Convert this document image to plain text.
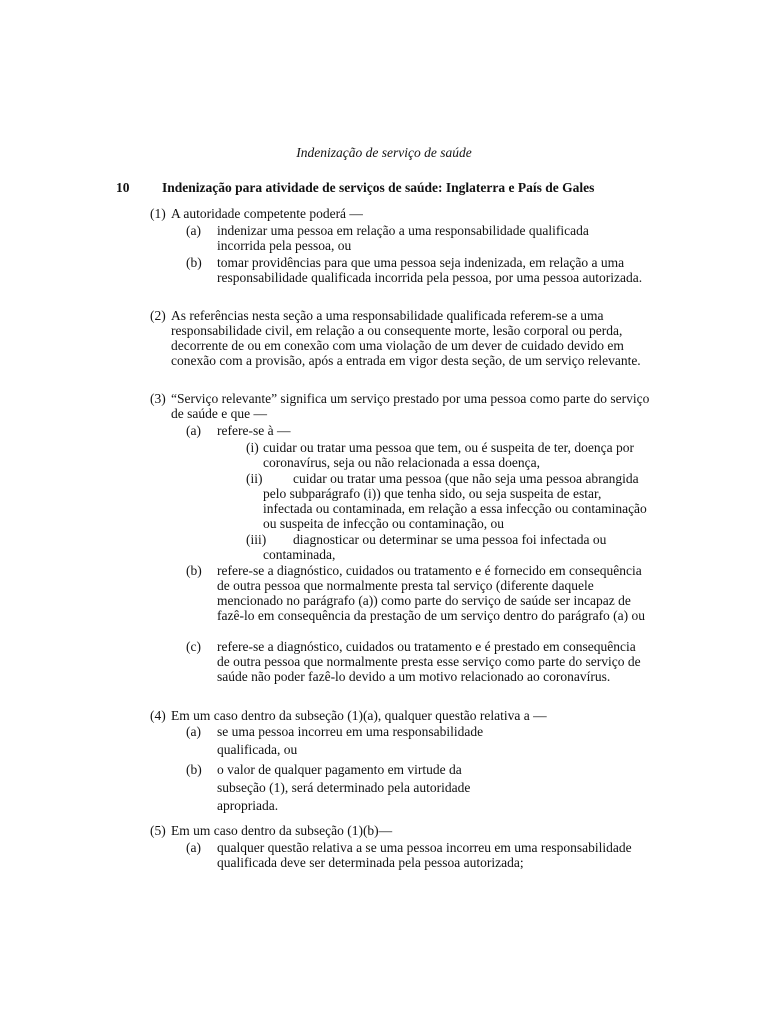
Indenização de serviço de saúde
10 Indenização para atividade de serviços de saúde: Inglaterra e País de Gales
(1) A autoridade competente poderá —
(a)	indenizar uma pessoa em relação a uma responsabilidade qualificada incorrida pela pessoa, ou
(b)	tomar providências para que uma pessoa seja indenizada, em relação a uma responsabilidade qualificada incorrida pela pessoa, por uma pessoa autorizada.
(2) As referências nesta seção a uma responsabilidade qualificada referem-se a uma responsabilidade civil, em relação a ou consequente morte, lesão corporal ou perda, decorrente de ou em conexão com uma violação de um dever de cuidado devido em conexão com a provisão, após a entrada em vigor desta seção, de um serviço relevante.
(3) “Serviço relevante” significa um serviço prestado por uma pessoa como parte do serviço de saúde e que —
(a)	refere-se à —
(i) cuidar ou tratar uma pessoa que tem, ou é suspeita de ter, doença por coronavírus, seja ou não relacionada a essa doença,
(ii)	cuidar ou tratar uma pessoa (que não seja uma pessoa abrangida pelo subparágrafo (i)) que tenha sido, ou seja suspeita de estar, infectada ou contaminada, em relação a essa infecção ou contaminação ou suspeita de infecção ou contaminação, ou
(iii)	diagnosticar ou determinar se uma pessoa foi infectada ou contaminada,
(b)	refere-se a diagnóstico, cuidados ou tratamento e é fornecido em consequência de outra pessoa que normalmente presta tal serviço (diferente daquele mencionado no parágrafo (a)) como parte do serviço de saúde ser incapaz de fazê-lo em consequência da prestação de um serviço dentro do parágrafo (a) ou
(c)	refere-se a diagnóstico, cuidados ou tratamento e é prestado em consequência de outra pessoa que normalmente presta esse serviço como parte do serviço de saúde não poder fazê-lo devido a um motivo relacionado ao coronavírus.
(4) Em um caso dentro da subseção (1)(a), qualquer questão relativa a —
(a)	se uma pessoa incorreu em uma responsabilidade qualificada, ou
(b)	o valor de qualquer pagamento em virtude da subseção (1), será determinado pela autoridade apropriada.
(5) Em um caso dentro da subseção (1)(b)—
(a)	qualquer questão relativa a se uma pessoa incorreu em uma responsabilidade qualificada deve ser determinada pela pessoa autorizada;
